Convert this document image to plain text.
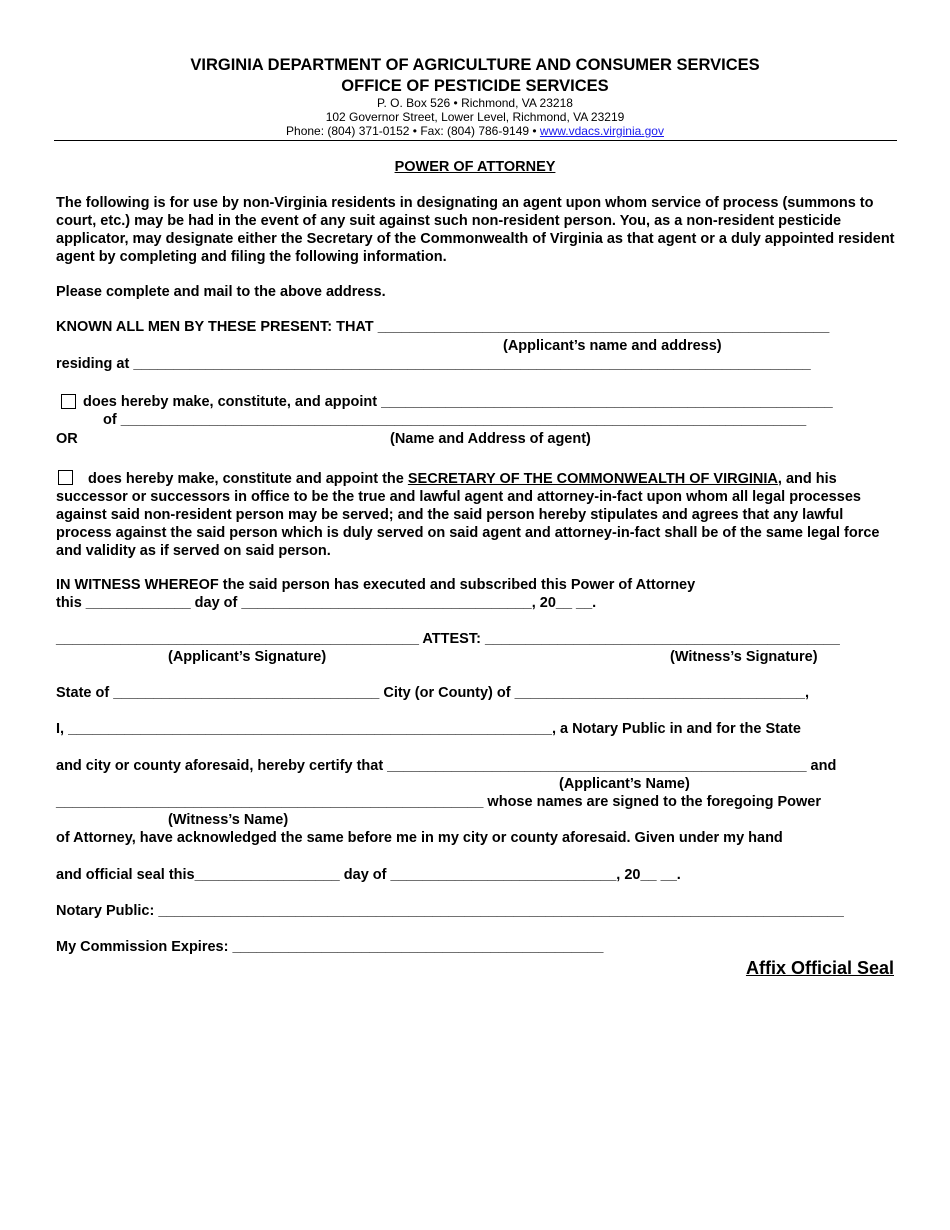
VIRGINIA DEPARTMENT OF AGRICULTURE AND CONSUMER SERVICES
OFFICE OF PESTICIDE SERVICES
P. O. Box 526 • Richmond, VA 23218
102 Governor Street, Lower Level, Richmond, VA 23219
Phone: (804) 371-0152 • Fax: (804) 786-9149 • www.vdacs.virginia.gov
POWER OF ATTORNEY
The following is for use by non-Virginia residents in designating an agent upon whom service of process (summons to court, etc.) may be had in the event of any suit against such non-resident person. You, as a non-resident pesticide applicator, may designate either the Secretary of the Commonwealth of Virginia as that agent or a duly appointed resident agent by completing and filing the following information.
Please complete and mail to the above address.
KNOWN ALL MEN BY THESE PRESENT: THAT ________________________________________________________
(Applicant’s name and address)
residing at ____________________________________________________________________________________
does hereby make, constitute, and appoint ________________________________________________________
of _____________________________________________________________________________________
OR	(Name and Address of agent)
does hereby make, constitute and appoint the SECRETARY OF THE COMMONWEALTH OF VIRGINIA, and his successor or successors in office to be the true and lawful agent and attorney-in-fact upon whom all legal processes against said non-resident person may be served; and the said person hereby stipulates and agrees that any lawful process against the said person which is duly served on said agent and attorney-in-fact shall be of the same legal force and validity as if served on said person.
IN WITNESS WHEREOF the said person has executed and subscribed this Power of Attorney
this _____________ day of ____________________________________, 20__ __.
_____________________________________________ ATTEST: ____________________________________________
(Applicant’s Signature)	(Witness’s Signature)
State of _________________________________ City (or County) of ____________________________________,
I, ____________________________________________________________, a Notary Public in and for the State
and city or county aforesaid, hereby certify that ____________________________________________________ and
(Applicant’s Name)
_____________________________________________________ whose names are signed to the foregoing Power
(Witness’s Name)
of Attorney, have acknowledged the same before me in my city or county aforesaid. Given under my hand
and official seal this__________________ day of ____________________________, 20__ __.
Notary Public: _____________________________________________________________________________________
My Commission Expires: ______________________________________________
Affix Official Seal
